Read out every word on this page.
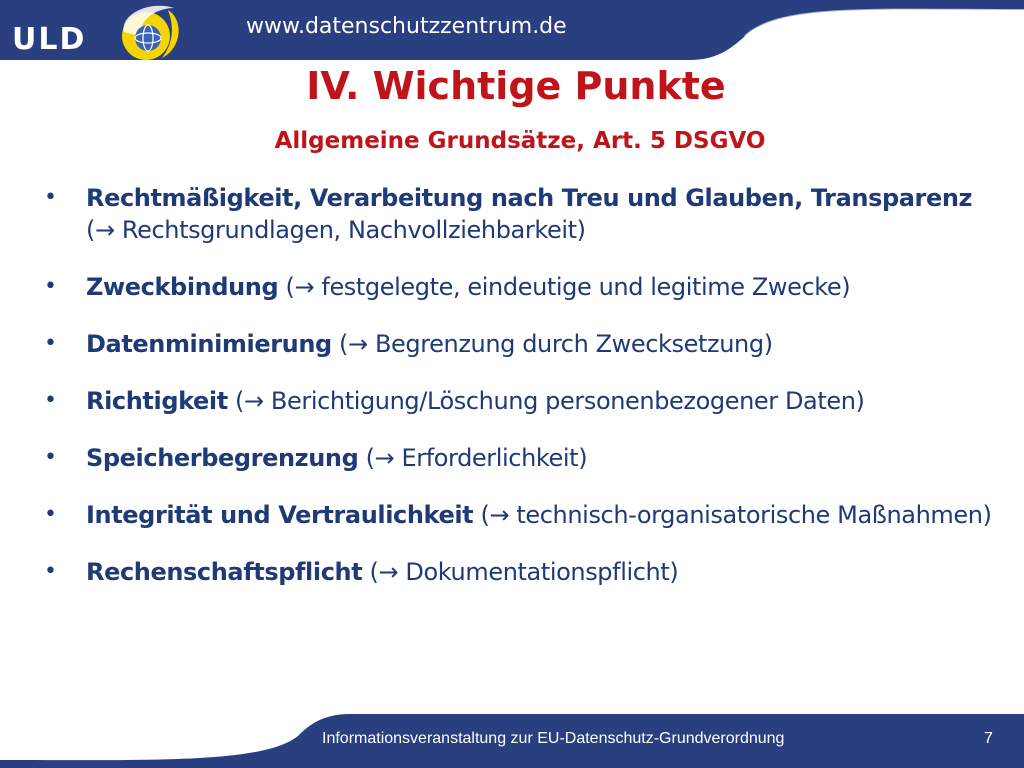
ULD	www.datenschutzzentrum.de
IV. Wichtige Punkte
Allgemeine Grundsätze, Art. 5 DSGVO
•	Rechtmäßigkeit, Verarbeitung nach Treu und Glauben, Transparenz (→ Rechtsgrundlagen, Nachvollziehbarkeit)
•	Zweckbindung (→ festgelegte, eindeutige und legitime Zwecke)
•	Datenminimierung (→ Begrenzung durch Zwecksetzung)
•	Richtigkeit (→ Berichtigung/Löschung personenbezogener Daten)
•	Speicherbegrenzung (→ Erforderlichkeit)
•	Integrität und Vertraulichkeit (→ technisch-organisatorische Maßnahmen)
•	Rechenschaftspflicht (→ Dokumentationspflicht)
Informationsveranstaltung zur EU-Datenschutz-Grundverordnung	7
